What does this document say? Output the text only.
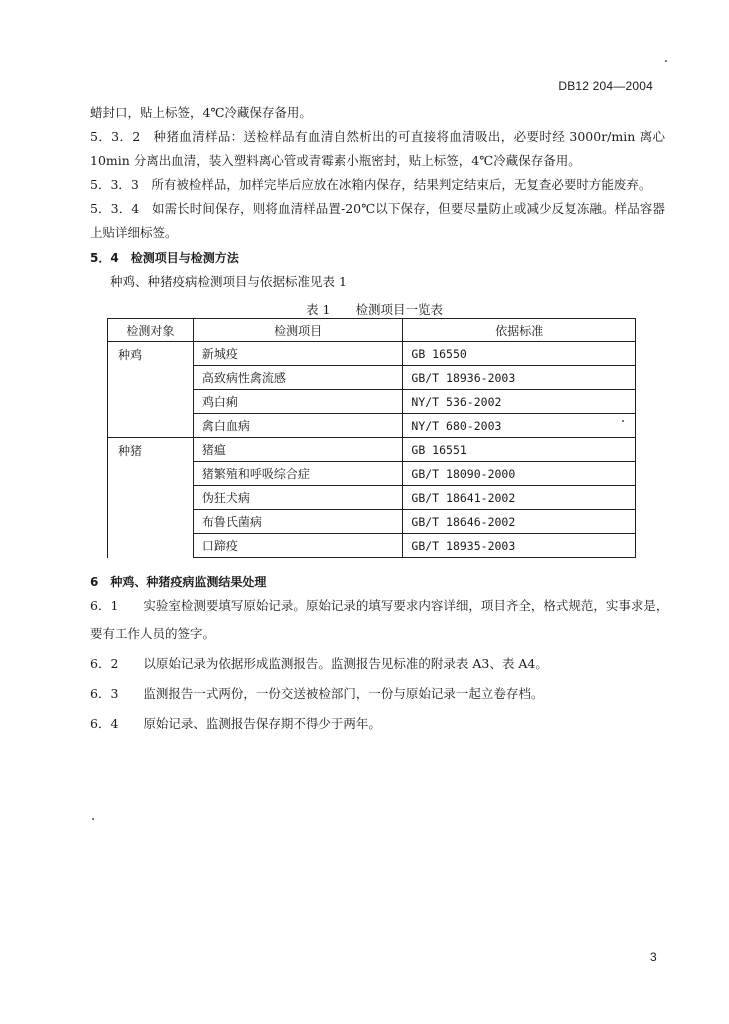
DB12 204—2004
蜡封口，贴上标签，4℃冷藏保存备用。
5．3．2　种猪血清样品：送检样品有血清自然析出的可直接将血清吸出，必要时经 3000r/min 离心
10min 分离出血清，装入塑料离心管或青霉素小瓶密封，贴上标签，4℃冷藏保存备用。
5．3．3　所有被检样品，加样完毕后应放在冰箱内保存，结果判定结束后，无复查必要时方能废弃。
5．3．4　如需长时间保存，则将血清样品置-20℃以下保存，但要尽量防止或减少反复冻融。样品容器
上贴详细标签。
5．4　检测项目与检测方法
种鸡、种猪疫病检测项目与依据标准见表 1
表 1　　检测项目一览表
检测对象	检测项目	依据标准
种鸡	新城疫	GB 16550
	高致病性禽流感	GB/T 18936-2003
	鸡白痢	NY/T 536-2002
	禽白血病	NY/T 680-2003
种猪	猪瘟	GB 16551
	猪繁殖和呼吸综合症	GB/T 18090-2000
	伪狂犬病	GB/T 18641-2002
	布鲁氏菌病	GB/T 18646-2002
	口蹄疫	GB/T 18935-2003
6　种鸡、种猪疫病监测结果处理
6．1　　实验室检测要填写原始记录。原始记录的填写要求内容详细，项目齐全，格式规范，实事求是，
要有工作人员的签字。
6．2　　以原始记录为依据形成监测报告。监测报告见标准的附录表 A3、表 A4。
6．3　　监测报告一式两份，一份交送被检部门，一份与原始记录一起立卷存档。
6．4　　原始记录、监测报告保存期不得少于两年。
3
